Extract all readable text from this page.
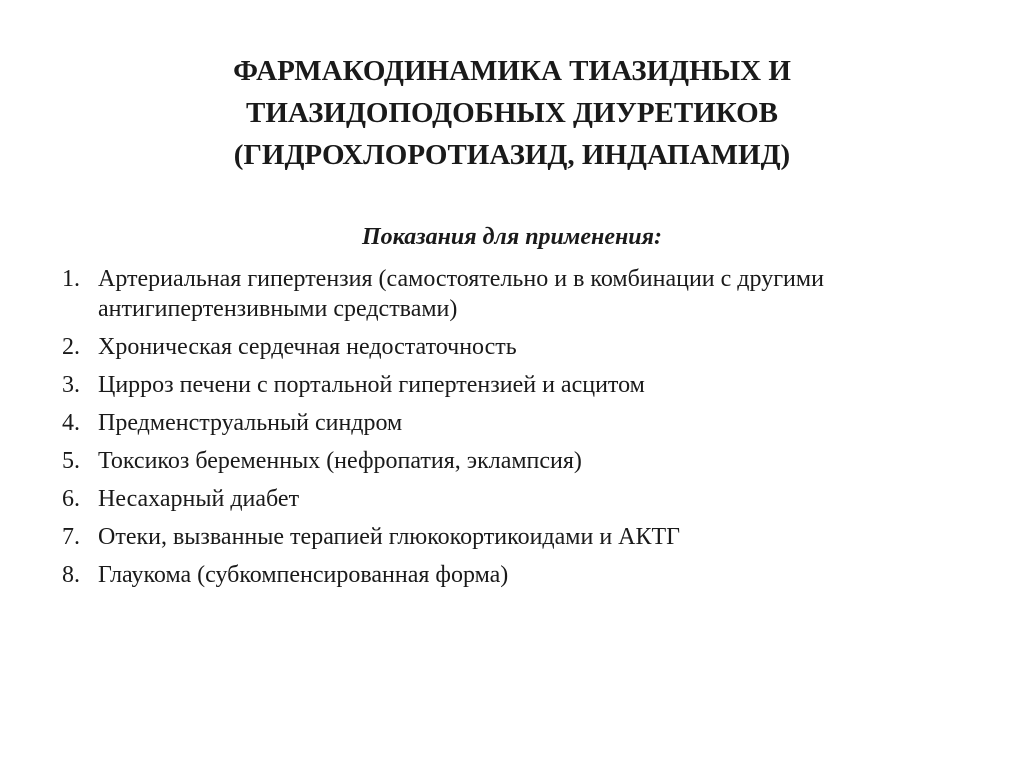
ФАРМАКОДИНАМИКА ТИАЗИДНЫХ И
ТИАЗИДОПОДОБНЫХ ДИУРЕТИКОВ
(ГИДРОХЛОРОТИАЗИД, ИНДАПАМИД)

Показания для применения:

1. Артериальная гипертензия (самостоятельно и в комбинации с другими антигипертензивными средствами)
2. Хроническая сердечная недостаточность
3. Цирроз печени с портальной гипертензией и асцитом
4. Предменструальный синдром
5. Токсикоз беременных (нефропатия, эклампсия)
6. Несахарный диабет
7. Отеки, вызванные терапией глюкокортикоидами и АКТГ
8. Глаукома (субкомпенсированная форма)
